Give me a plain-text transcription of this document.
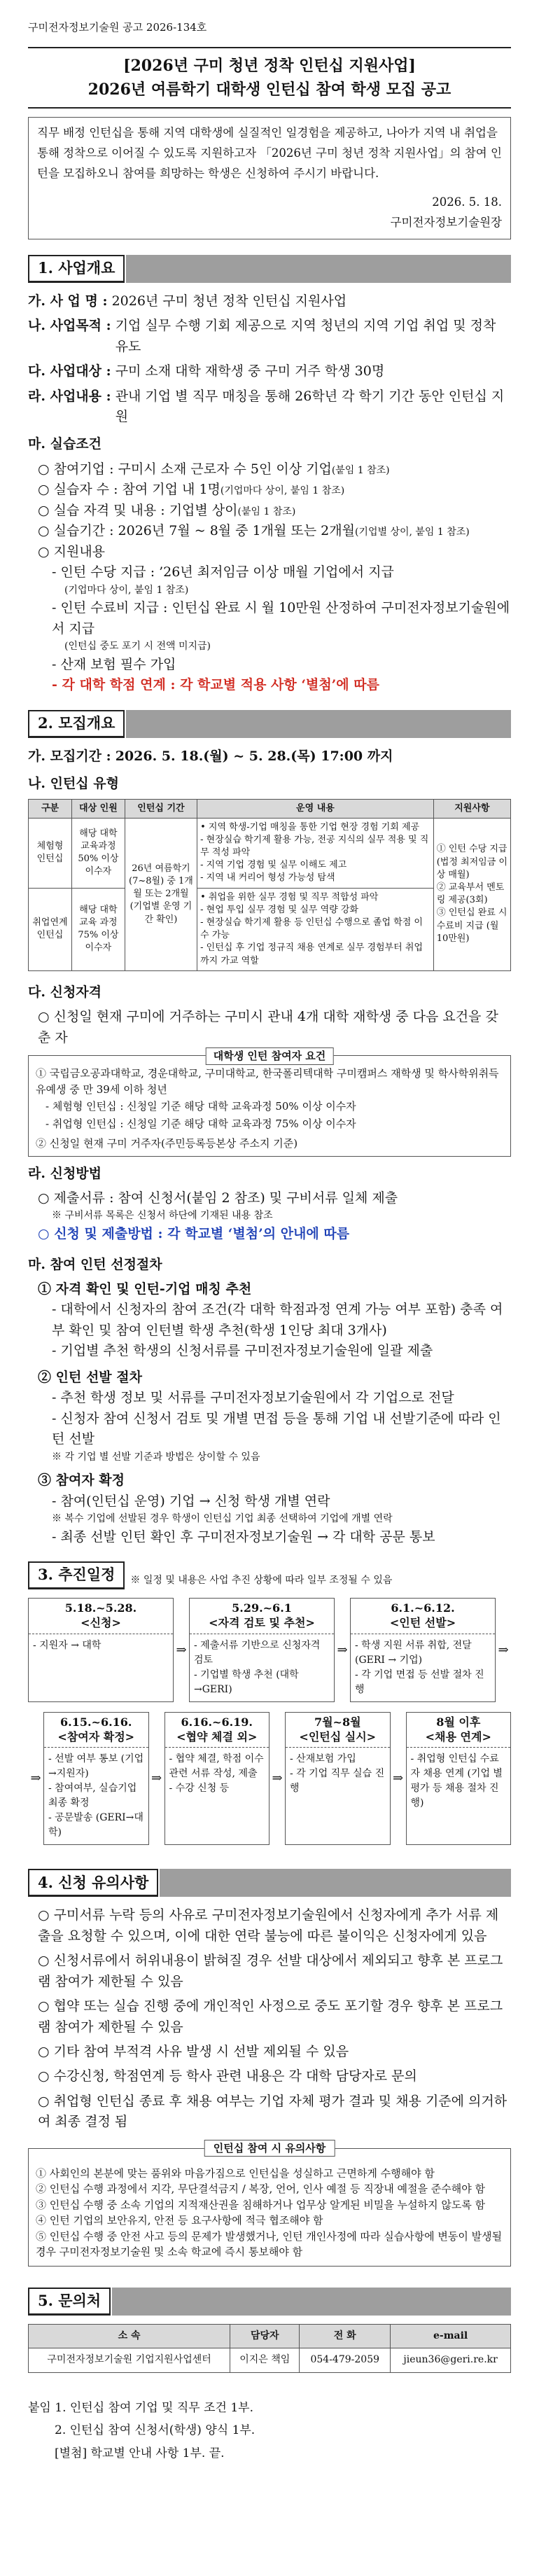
구미전자정보기술원 공고 2026-134호
[2026년 구미 청년 정착 인턴십 지원사업]
2026년 여름학기 대학생 인턴십 참여 학생 모집 공고
직무 배정 인턴십을 통해 지역 대학생에 실질적인 일경험을 제공하고, 나아가 지역 내 취업을 통해 정착으로 이어질 수 있도록 지원하고자 「2026년 구미 청년 정착 지원사업」의 참여 인턴을 모집하오니 참여를 희망하는 학생은 신청하여 주시기 바랍니다.
2026. 5. 18.
구미전자정보기술원장
1. 사업개요
가. 사 업 명 :
2026년 구미 청년 정착 인턴십 지원사업
나. 사업목적 :
기업 실무 수행 기회 제공으로 지역 청년의 지역 기업 취업 및 정착 유도
다. 사업대상 :
구미 소재 대학 재학생 중 구미 거주 학생 30명
라. 사업내용 :
관내 기업 별 직무 매칭을 통해 26학년 각 학기 기간 동안 인턴십 지원
마. 실습조건
○ 참여기업 : 구미시 소재 근로자 수 5인 이상 기업(붙임 1 참조)
○ 실습자 수 : 참여 기업 내 1명(기업마다 상이, 붙임 1 참조)
○ 실습 자격 및 내용 : 기업별 상이(붙임 1 참조)
○ 실습기간 : 2026년 7월 ~ 8월 중 1개월 또는 2개월(기업별 상이, 붙임 1 참조)
○ 지원내용
- 인턴 수당 지급 : ’26년 최저임금 이상 매월 기업에서 지급
(기업마다 상이, 붙임 1 참조)
- 인턴 수료비 지급 : 인턴십 완료 시 월 10만원 산정하여 구미전자정보기술원에서 지급
(인턴십 중도 포기 시 전액 미지급)
- 산재 보험 필수 가입
- 각 대학 학점 연계 : 각 학교별 적용 사항 ‘별첨’에 따름
2. 모집개요
가. 모집기간 :
2026. 5. 18.(월) ~ 5. 28.(목) 17:00 까지
나. 인턴십 유형
구분	대상 인원	인턴십 기간	운영 내용	지원사항
체험형 인턴십	해당 대학 교육과정 50% 이상 이수자	26년 여름학기(7~8월) 중 1개월 또는 2개월 (기업별 운영 기간 확인)	• 지역 학생-기업 매칭을 통한 기업 현장 경험 기회 제공
- 현장실습 학기제 활용 가능, 전공 지식의 실무 적용 및 직무 적성 파악
- 지역 기업 경험 및 실무 이해도 제고
- 지역 내 커리어 형성 가능성 탐색	① 인턴 수당 지급 (법정 최저임금 이상 매월)
② 교육부서 멘토링 제공(3회)
③ 인턴십 완료 시 수료비 지급 (월 10만원)
취업연계 인턴십	해당 대학 교육 과정 75% 이상 이수자		• 취업을 위한 실무 경험 및 직무 적합성 파악
- 현업 투입 실무 경험 및 실무 역량 강화
- 현장실습 학기제 활용 등 인턴십 수행으로 졸업 학점 이수 가능
- 인턴십 후 기업 정규직 채용 연계로 실무 경험부터 취업까지 가교 역할	
다. 신청자격
○ 신청일 현재 구미에 거주하는 구미시 관내 4개 대학 재학생 중 다음 요건을 갖춘 자
대학생 인턴 참여자 요건

① 국립금오공과대학교, 경운대학교, 구미대학교, 한국폴리텍대학 구미캠퍼스 재학생 및 학사학위취득유예생 중 만 39세 이하 청년

- 체험형 인턴십 : 신청일 기준 해당 대학 교육과정 50% 이상 이수자

- 취업형 인턴십 : 신청일 기준 해당 대학 교육과정 75% 이상 이수자

② 신청일 현재 구미 거주자(주민등록등본상 주소지 기준)

라. 신청방법
○ 제출서류 : 참여 신청서(붙임 2 참조) 및 구비서류 일체 제출
※ 구비서류 목록은 신청서 하단에 기재된 내용 참조
○ 신청 및 제출방법 : 각 학교별 ‘별첨’의 안내에 따름
마. 참여 인턴 선정절차
① 자격 확인 및 인턴-기업 매칭 추천
- 대학에서 신청자의 참여 조건(각 대학 학점과정 연계 가능 여부 포함) 충족 여부 확인 및 참여 인턴별 학생 추천(학생 1인당 최대 3개사)
- 기업별 추천 학생의 신청서류를 구미전자정보기술원에 일괄 제출
② 인턴 선발 절차
- 추천 학생 정보 및 서류를 구미전자정보기술원에서 각 기업으로 전달
- 신청자 참여 신청서 검토 및 개별 면접 등을 통해 기업 내 선발기준에 따라 인턴 선발
※ 각 기업 별 선발 기준과 방법은 상이할 수 있음
③ 참여자 확정
- 참여(인턴십 운영) 기업 → 신청 학생 개별 연락
※ 복수 기업에 선발된 경우 학생이 인턴십 기업 최종 선택하여 기업에 개별 연락
- 최종 선발 인턴 확인 후 구미전자정보기술원 → 각 대학 공문 통보
3. 추진일정	※ 일정 및 내용은 사업 추진 상황에 따라 일부 조정될 수 있음
5.18.~5.28.
<신청>
- 지원자 → 대학	⇒
5.29.~6.1
<자격 검토 및 추천>
- 제출서류 기반으로 신청자격 검토
- 기업별 학생 추천 (대학→GERI)
⇒
6.1.~6.12.
<인턴 선발>
- 학생 지원 서류 취합, 전달(GERI → 기업)
- 각 기업 면접 등 선발 절차 진행
⇒
⇒
6.15.~6.16.
<참여자 확정>
- 선발 여부 통보 (기업→지원자)
- 참여여부, 실습기업 최종 확정
- 공문발송 (GERI→대학)
⇒
6.16.~6.19.
<협약 체결 외>
- 협약 체결, 학점 이수 관련 서류 작성, 제출
- 수강 신청 등
⇒
7월~8월
<인턴십 실시>
- 산재보험 가입
- 각 기업 직무 실습 진행
⇒
8월 이후
<채용 연계>
- 취업형 인턴십 수료자 채용 연계 (기업 별 평가 등 채용 절차 진행)
4. 신청 유의사항
○ 구미서류 누락 등의 사유로 구미전자정보기술원에서 신청자에게 추가 서류 제출을 요청할 수 있으며, 이에 대한 연락 불능에 따른 불이익은 신청자에게 있음
○ 신청서류에서 허위내용이 밝혀질 경우 선발 대상에서 제외되고 향후 본 프로그램 참여가 제한될 수 있음
○ 협약 또는 실습 진행 중에 개인적인 사정으로 중도 포기할 경우 향후 본 프로그램 참여가 제한될 수 있음
○ 기타 참여 부적격 사유 발생 시 선발 제외될 수 있음
○ 수강신청, 학점연계 등 학사 관련 내용은 각 대학 담당자로 문의
○ 취업형 인턴십 종료 후 채용 여부는 기업 자체 평가 결과 및 채용 기준에 의거하여 최종 결정 됨
인턴십 참여 시 유의사항
① 사회인의 본분에 맞는 품위와 마음가짐으로 인턴십을 성실하고 근면하게 수행해야 함
② 인턴십 수행 과정에서 지각, 무단결석금지 / 복장, 언어, 인사 예절 등 직장내 예절을 준수해야 함
③ 인턴십 수행 중 소속 기업의 지적재산권을 침해하거나 업무상 알게된 비밀을 누설하지 않도록 함
④ 인턴 기업의 보안유지, 안전 등 요구사항에 적극 협조해야 함
⑤ 인턴십 수행 중 안전 사고 등의 문제가 발생했거나, 인턴 개인사정에 따라 실습사항에 변동이 발생될 경우 구미전자정보기술원 및 소속 학교에 즉시 통보해야 함
5. 문의처
소 속	담당자	전 화	e-mail
구미전자정보기술원 기업지원사업센터	이지은 책임	054-479-2059	jieun36@geri.re.kr
붙임 1. 인턴십 참여 기업 및 직무 조건 1부.
2. 인턴십 참여 신청서(학생) 양식 1부.
[별첨] 학교별 안내 사항 1부. 끝.
